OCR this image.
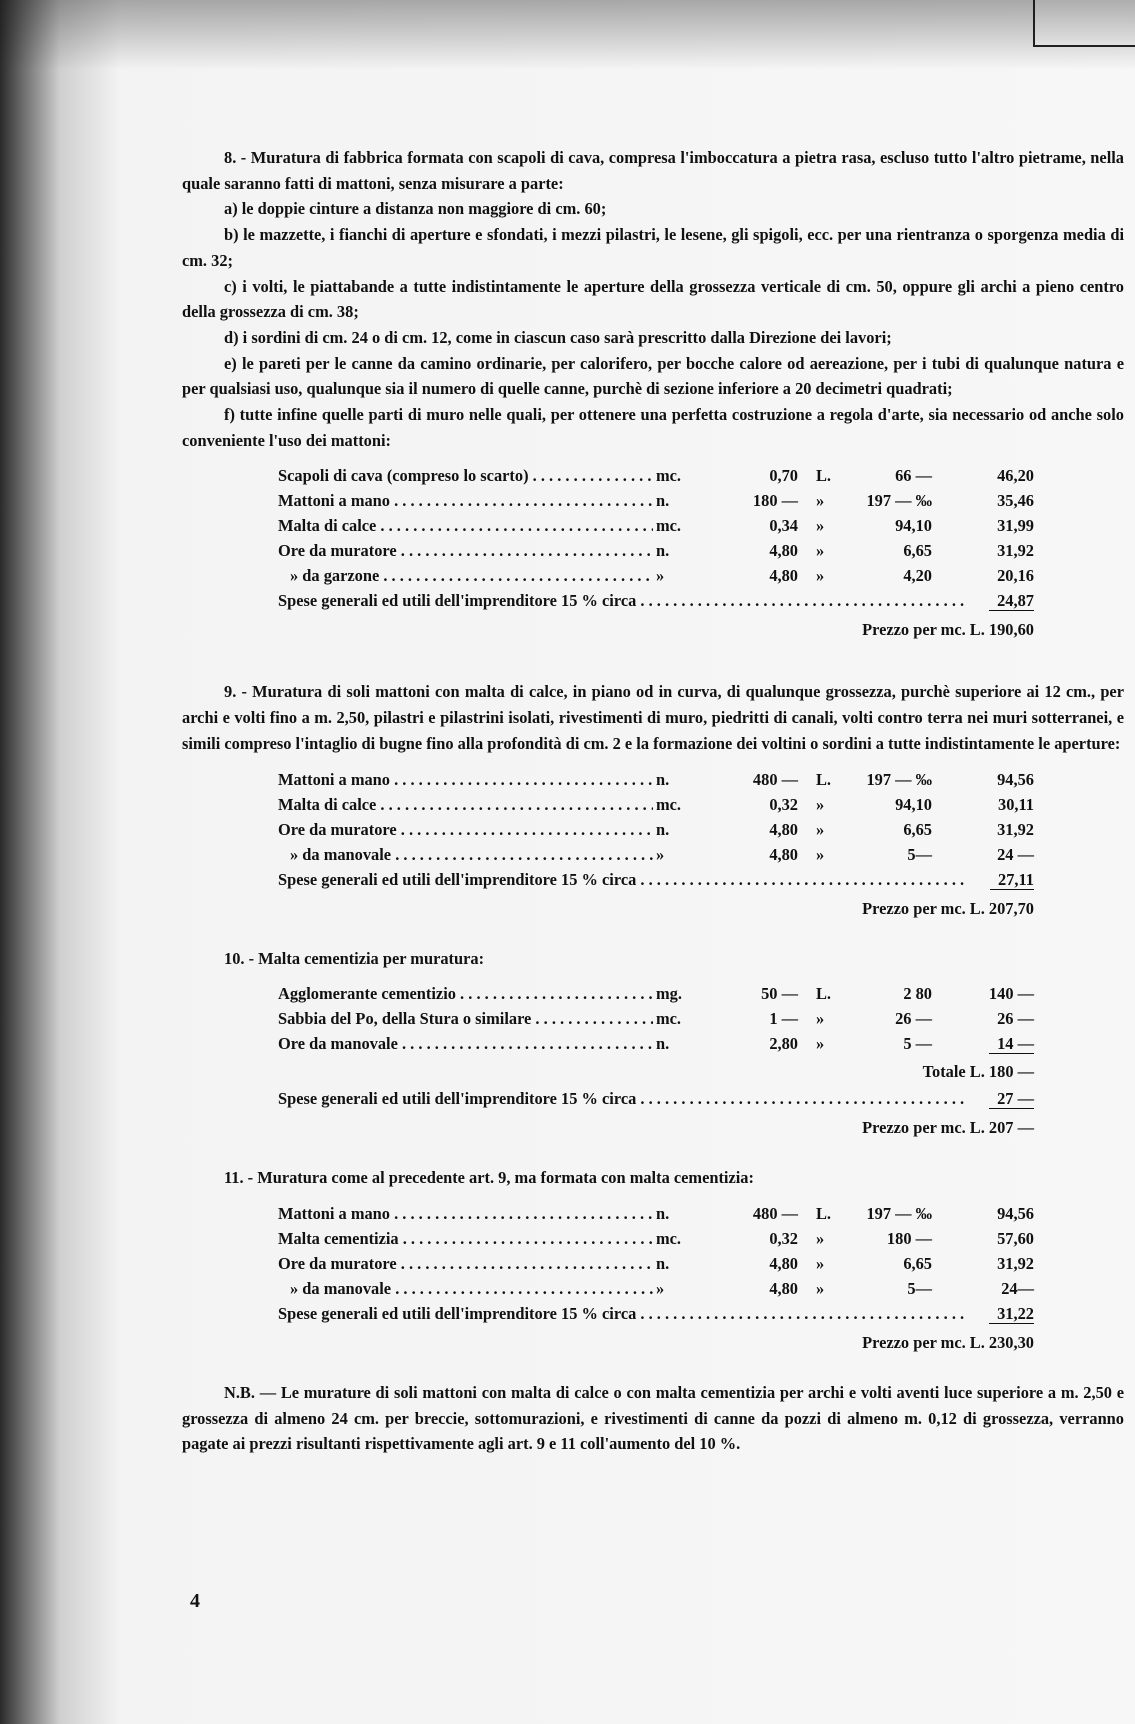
8. - Muratura di fabbrica formata con scapoli di cava, compresa l'imboccatura a pietra rasa, escluso tutto l'altro pietrame, nella quale saranno fatti di mattoni, senza misurare a parte:
a) le doppie cinture a distanza non maggiore di cm. 60;
b) le mazzette, i fianchi di aperture e sfondati, i mezzi pilastri, le lesene, gli spigoli, ecc. per una rientranza o sporgenza media di cm. 32;
c) i volti, le piattabande a tutte indistintamente le aperture della grossezza verticale di cm. 50, oppure gli archi a pieno centro della grossezza di cm. 38;
d) i sordini di cm. 24 o di cm. 12, come in ciascun caso sarà prescritto dalla Direzione dei lavori;
e) le pareti per le canne da camino ordinarie, per calorifero, per bocche calore od aereazione, per i tubi di qualunque natura e per qualsiasi uso, qualunque sia il numero di quelle canne, purchè di sezione inferiore a 20 decimetri quadrati;
f) tutte infine quelle parti di muro nelle quali, per ottenere una perfetta costruzione a regola d'arte, sia necessario od anche solo conveniente l'uso dei mattoni:
Scapoli di cava (compreso lo scarto) . . .	mc.	0,70 L.	66 —	46,20
Mattoni a mano . . .	n.	180 — »	197 — ‰	35,46
Malta di calce . . .	mc.	0,34 »	94,10	31,99
Ore da muratore . . .	n.	4,80 »	6,65	31,92
» da garzone . . .	»	4,80 »	4,20	20,16
Spese generali ed utili dell'imprenditore 15 % circa . . .	24,87
Prezzo per mc. L. 190,60
9. - Muratura di soli mattoni con malta di calce, in piano od in curva, di qualunque grossezza, purchè superiore ai 12 cm., per archi e volti fino a m. 2,50, pilastri e pilastrini isolati, rivestimenti di muro, piedritti di canali, volti contro terra nei muri sotterranei, e simili compreso l'intaglio di bugne fino alla profondità di cm. 2 e la formazione dei voltini o sordini a tutte indistintamente le aperture:
Mattoni a mano . . .	n.	480 — L.	197 — ‰	94,56
Malta di calce . . .	mc.	0,32 »	94,10	30,11
Ore da muratore . . .	n.	4,80 »	6,65	31,92
» da manovale . . .	»	4,80 »	5—	24 —
Spese generali ed utili dell'imprenditore 15 % circa . . .	27,11
Prezzo per mc. L. 207,70
10. - Malta cementizia per muratura:
Agglomerante cementizio . . .	mg.	50 — L.	2 80	140 —
Sabbia del Po, della Stura o similare . . .	mc.	1 — »	26 —	26 —
Ore da manovale . . .	n.	2,80 »	5 —	14 —
Totale L. 180 —
Spese generali ed utili dell'imprenditore 15 % circa . . .	27 —
Prezzo per mc. L. 207 —
11. - Muratura come al precedente art. 9, ma formata con malta cementizia:
Mattoni a mano . . .	n.	480 — L.	197 — ‰	94,56
Malta cementizia . . .	mc.	0,32 »	180 —	57,60
Ore da muratore . . .	n.	4,80 »	6,65	31,92
» da manovale . . .	»	4,80 »	5—	24—
Spese generali ed utili dell'imprenditore 15 % circa . . .	31,22
Prezzo per mc. L. 230,30
N.B. — Le murature di soli mattoni con malta di calce o con malta cementizia per archi e volti aventi luce superiore a m. 2,50 e grossezza di almeno 24 cm. per breccie, sottomurazioni, e rivestimenti di canne da pozzi di almeno m. 0,12 di grossezza, verranno pagate ai prezzi risultanti rispettivamente agli art. 9 e 11 coll'aumento del 10 %.
4
